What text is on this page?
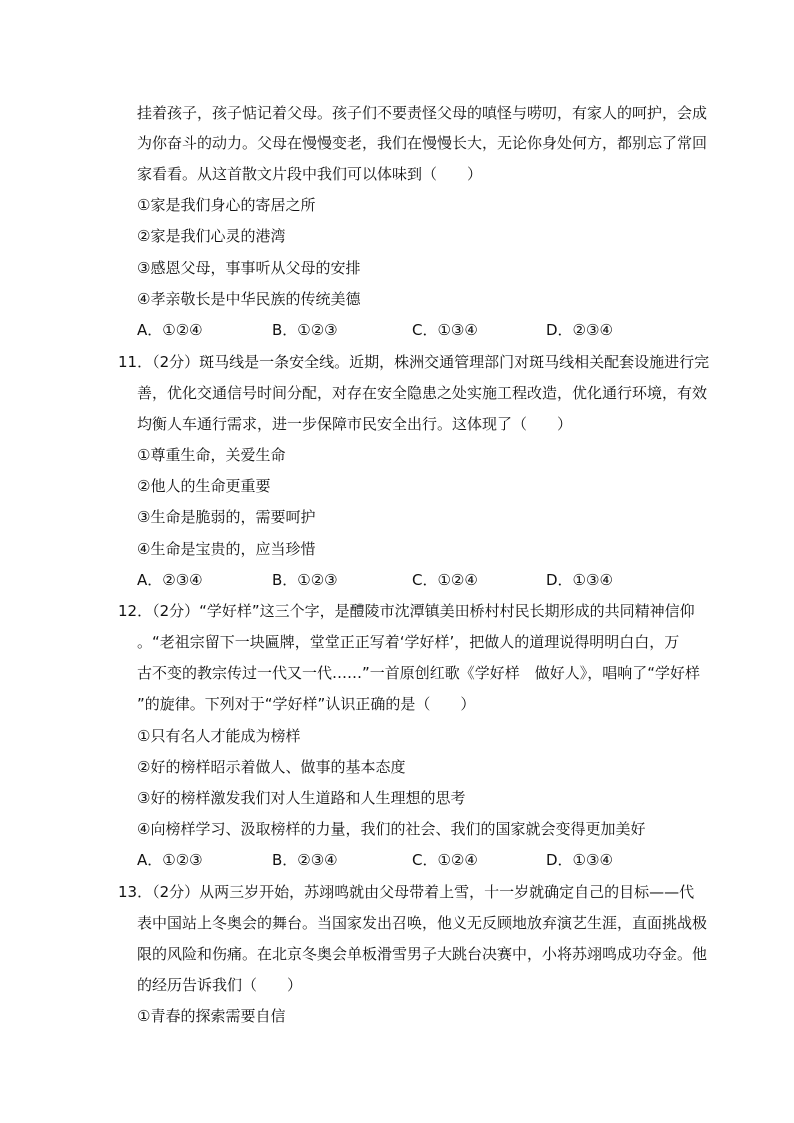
挂着孩子，孩子惦记着父母。孩子们不要责怪父母的嗔怪与唠叨，有家人的呵护，会成
为你奋斗的动力。父母在慢慢变老，我们在慢慢长大，无论你身处何方，都别忘了常回
家看看。从这首散文片段中我们可以体味到（　　）
①家是我们身心的寄居之所
②家是我们心灵的港湾
③感恩父母，事事听从父母的安排
④孝亲敬长是中华民族的传统美德
A．①②④	B．①②③	C．①③④	D．②③④
11．（2分）斑马线是一条安全线。近期，株洲交通管理部门对斑马线相关配套设施进行完
善，优化交通信号时间分配，对存在安全隐患之处实施工程改造，优化通行环境，有效
均衡人车通行需求，进一步保障市民安全出行。这体现了（　　）
①尊重生命，关爱生命
②他人的生命更重要
③生命是脆弱的，需要呵护
④生命是宝贵的，应当珍惜
A．②③④	B．①②③	C．①②④	D．①③④
12．（2分）“学好样”这三个字，是醴陵市沈潭镇美田桥村村民长期形成的共同精神信仰
。“老祖宗留下一块匾牌，堂堂正正写着‘学好样’，把做人的道理说得明明白白，万
古不变的教宗传过一代又一代……”一首原创红歌《学好样　做好人》，唱响了“学好样
”的旋律。下列对于“学好样”认识正确的是（　　）
①只有名人才能成为榜样
②好的榜样昭示着做人、做事的基本态度
③好的榜样激发我们对人生道路和人生理想的思考
④向榜样学习、汲取榜样的力量，我们的社会、我们的国家就会变得更加美好
A．①②③	B．②③④	C．①②④	D．①③④
13．（2分）从两三岁开始，苏翊鸣就由父母带着上雪，十一岁就确定自己的目标——代
表中国站上冬奥会的舞台。当国家发出召唤，他义无反顾地放弃演艺生涯，直面挑战极
限的风险和伤痛。在北京冬奥会单板滑雪男子大跳台决赛中，小将苏翊鸣成功夺金。他
的经历告诉我们（　　）
①青春的探索需要自信
